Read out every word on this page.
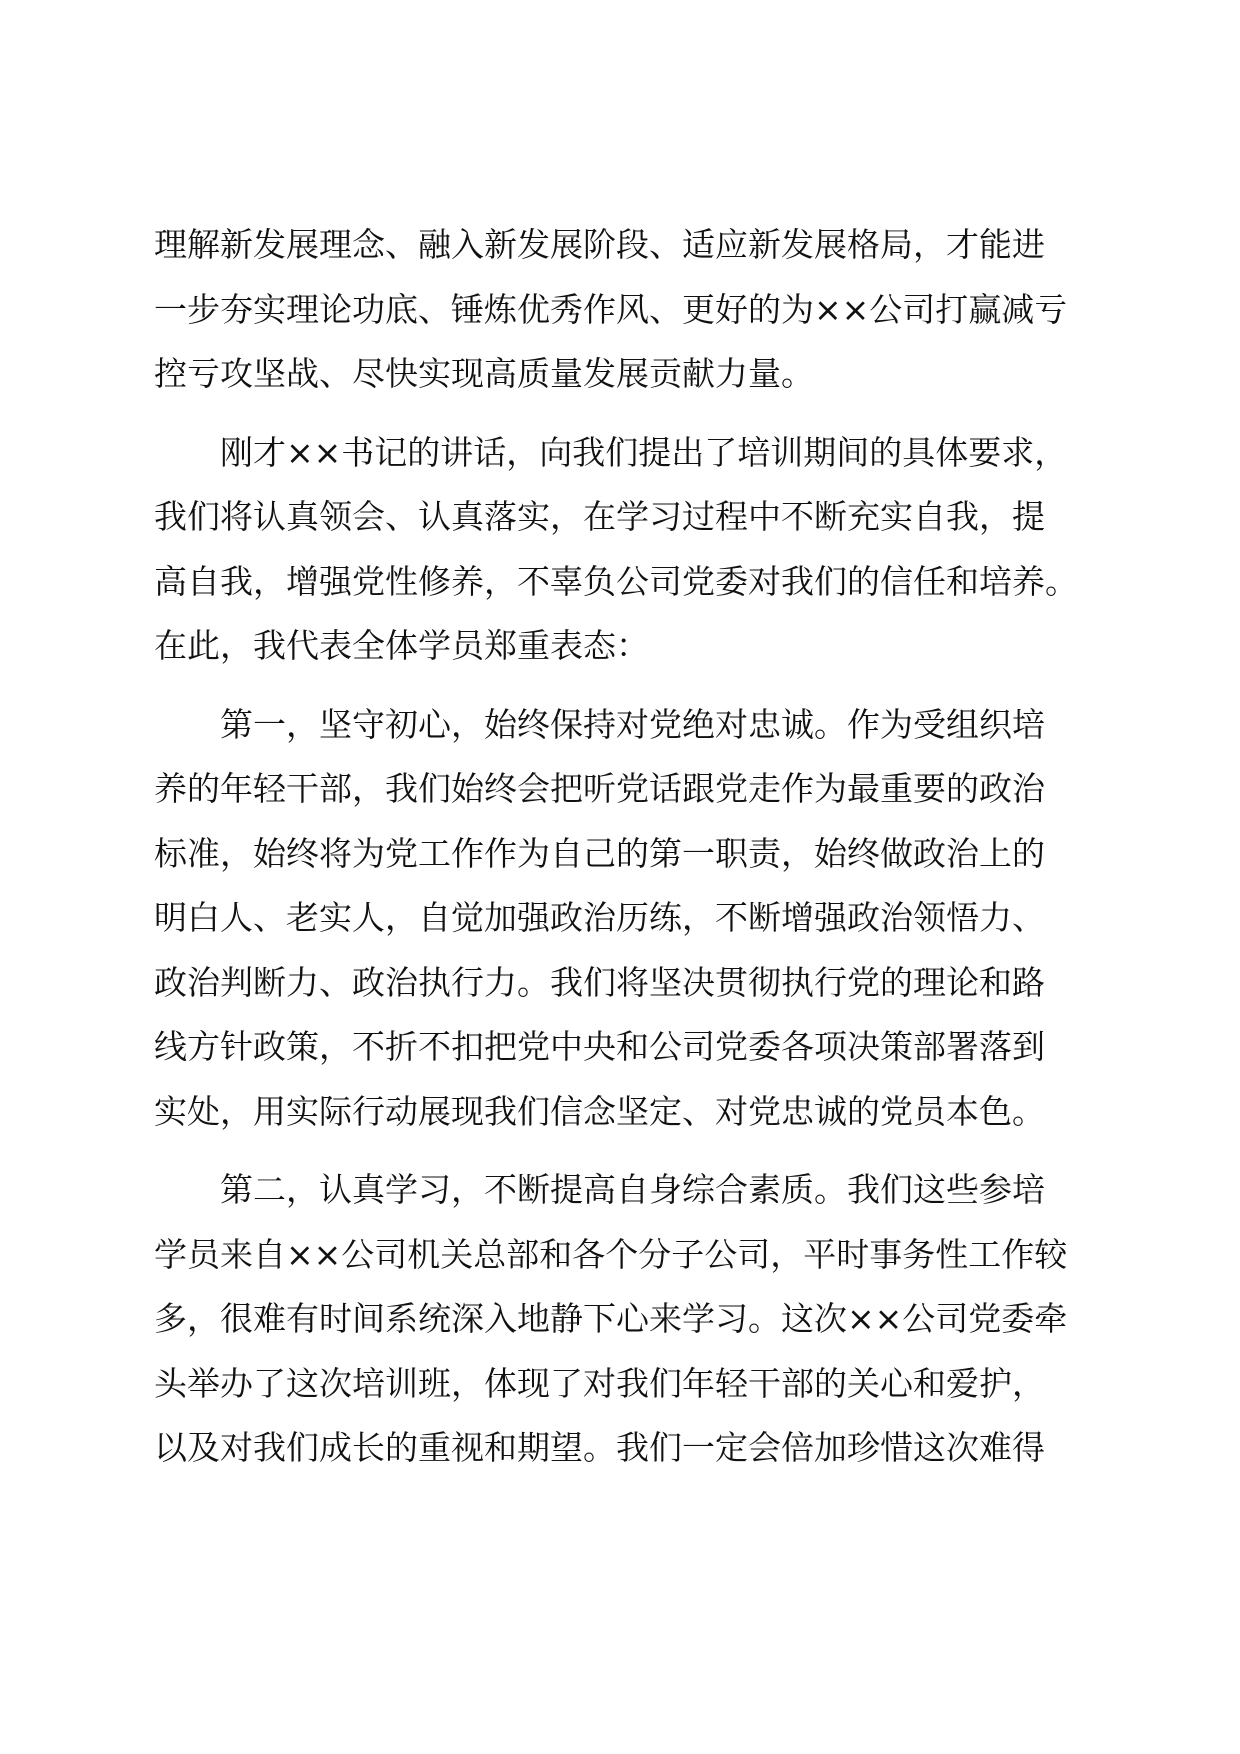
理解新发展理念、融入新发展阶段、适应新发展格局，才能进
一步夯实理论功底、锤炼优秀作风、更好的为××公司打赢减亏
控亏攻坚战、尽快实现高质量发展贡献力量。
刚才××书记的讲话，向我们提出了培训期间的具体要求，
我们将认真领会、认真落实，在学习过程中不断充实自我，提
高自我，增强党性修养，不辜负公司党委对我们的信任和培养。
在此，我代表全体学员郑重表态：
第一，坚守初心，始终保持对党绝对忠诚。作为受组织培
养的年轻干部，我们始终会把听党话跟党走作为最重要的政治
标准，始终将为党工作作为自己的第一职责，始终做政治上的
明白人、老实人，自觉加强政治历练，不断增强政治领悟力、
政治判断力、政治执行力。我们将坚决贯彻执行党的理论和路
线方针政策，不折不扣把党中央和公司党委各项决策部署落到
实处，用实际行动展现我们信念坚定、对党忠诚的党员本色。
第二，认真学习，不断提高自身综合素质。我们这些参培
学员来自××公司机关总部和各个分子公司，平时事务性工作较
多，很难有时间系统深入地静下心来学习。这次××公司党委牵
头举办了这次培训班，体现了对我们年轻干部的关心和爱护，
以及对我们成长的重视和期望。我们一定会倍加珍惜这次难得
